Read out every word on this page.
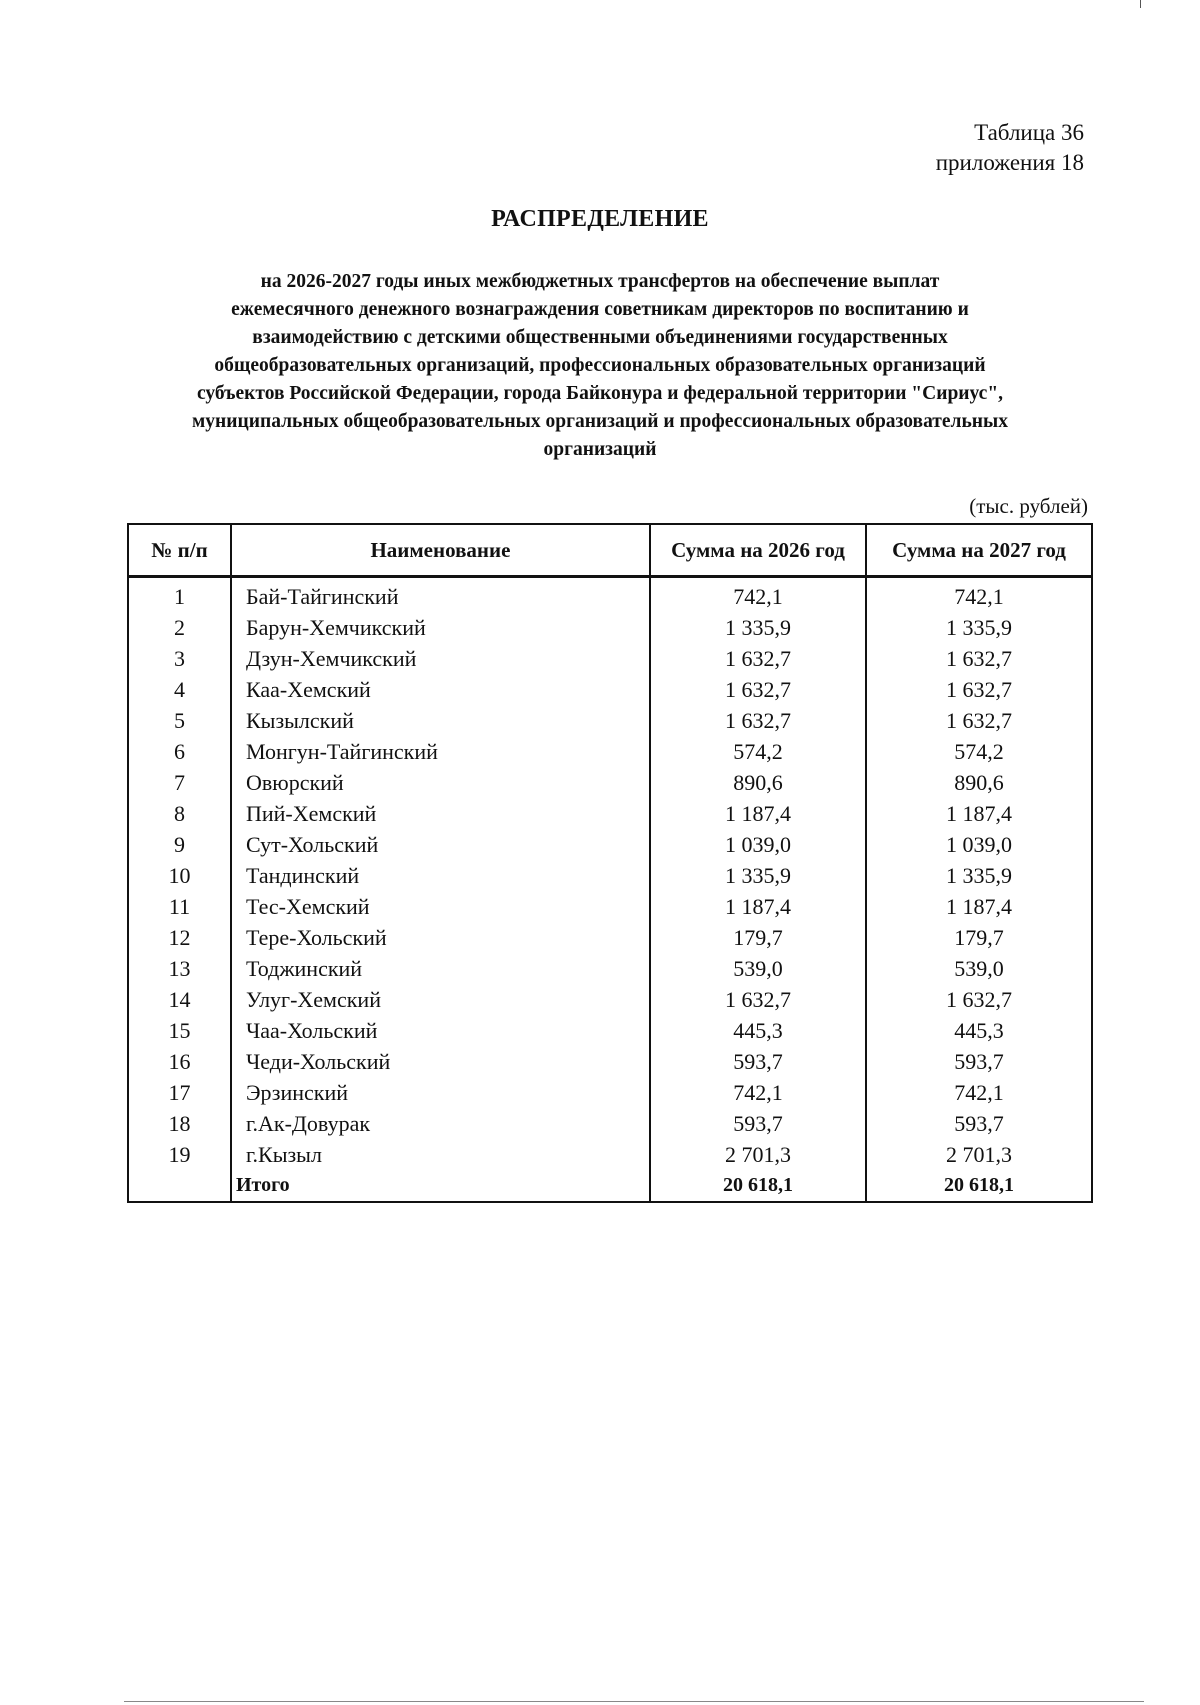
Таблица 36
приложения 18
РАСПРЕДЕЛЕНИЕ
на 2026-2027 годы иных межбюджетных трансфертов на обеспечение выплат
ежемесячного денежного вознаграждения советникам директоров по воспитанию и
взаимодействию с детскими общественными объединениями государственных
общеобразовательных организаций, профессиональных образовательных организаций
субъектов Российской Федерации, города Байконура и федеральной территории "Сириус",
муниципальных общеобразовательных организаций и профессиональных образовательных
организаций
(тыс. рублей)
№ п/п	Наименование	Сумма на 2026 год	Сумма на 2027 год
1	Бай-Тайгинский	742,1	742,1
2	Барун-Хемчикский	1 335,9	1 335,9
3	Дзун-Хемчикский	1 632,7	1 632,7
4	Каа-Хемский	1 632,7	1 632,7
5	Кызылский	1 632,7	1 632,7
6	Монгун-Тайгинский	574,2	574,2
7	Овюрский	890,6	890,6
8	Пий-Хемский	1 187,4	1 187,4
9	Сут-Хольский	1 039,0	1 039,0
10	Тандинский	1 335,9	1 335,9
11	Тес-Хемский	1 187,4	1 187,4
12	Тере-Хольский	179,7	179,7
13	Тоджинский	539,0	539,0
14	Улуг-Хемский	1 632,7	1 632,7
15	Чаа-Хольский	445,3	445,3
16	Чеди-Хольский	593,7	593,7
17	Эрзинский	742,1	742,1
18	г.Ак-Довурак	593,7	593,7
19	г.Кызыл	2 701,3	2 701,3
	Итого	20 618,1	20 618,1
